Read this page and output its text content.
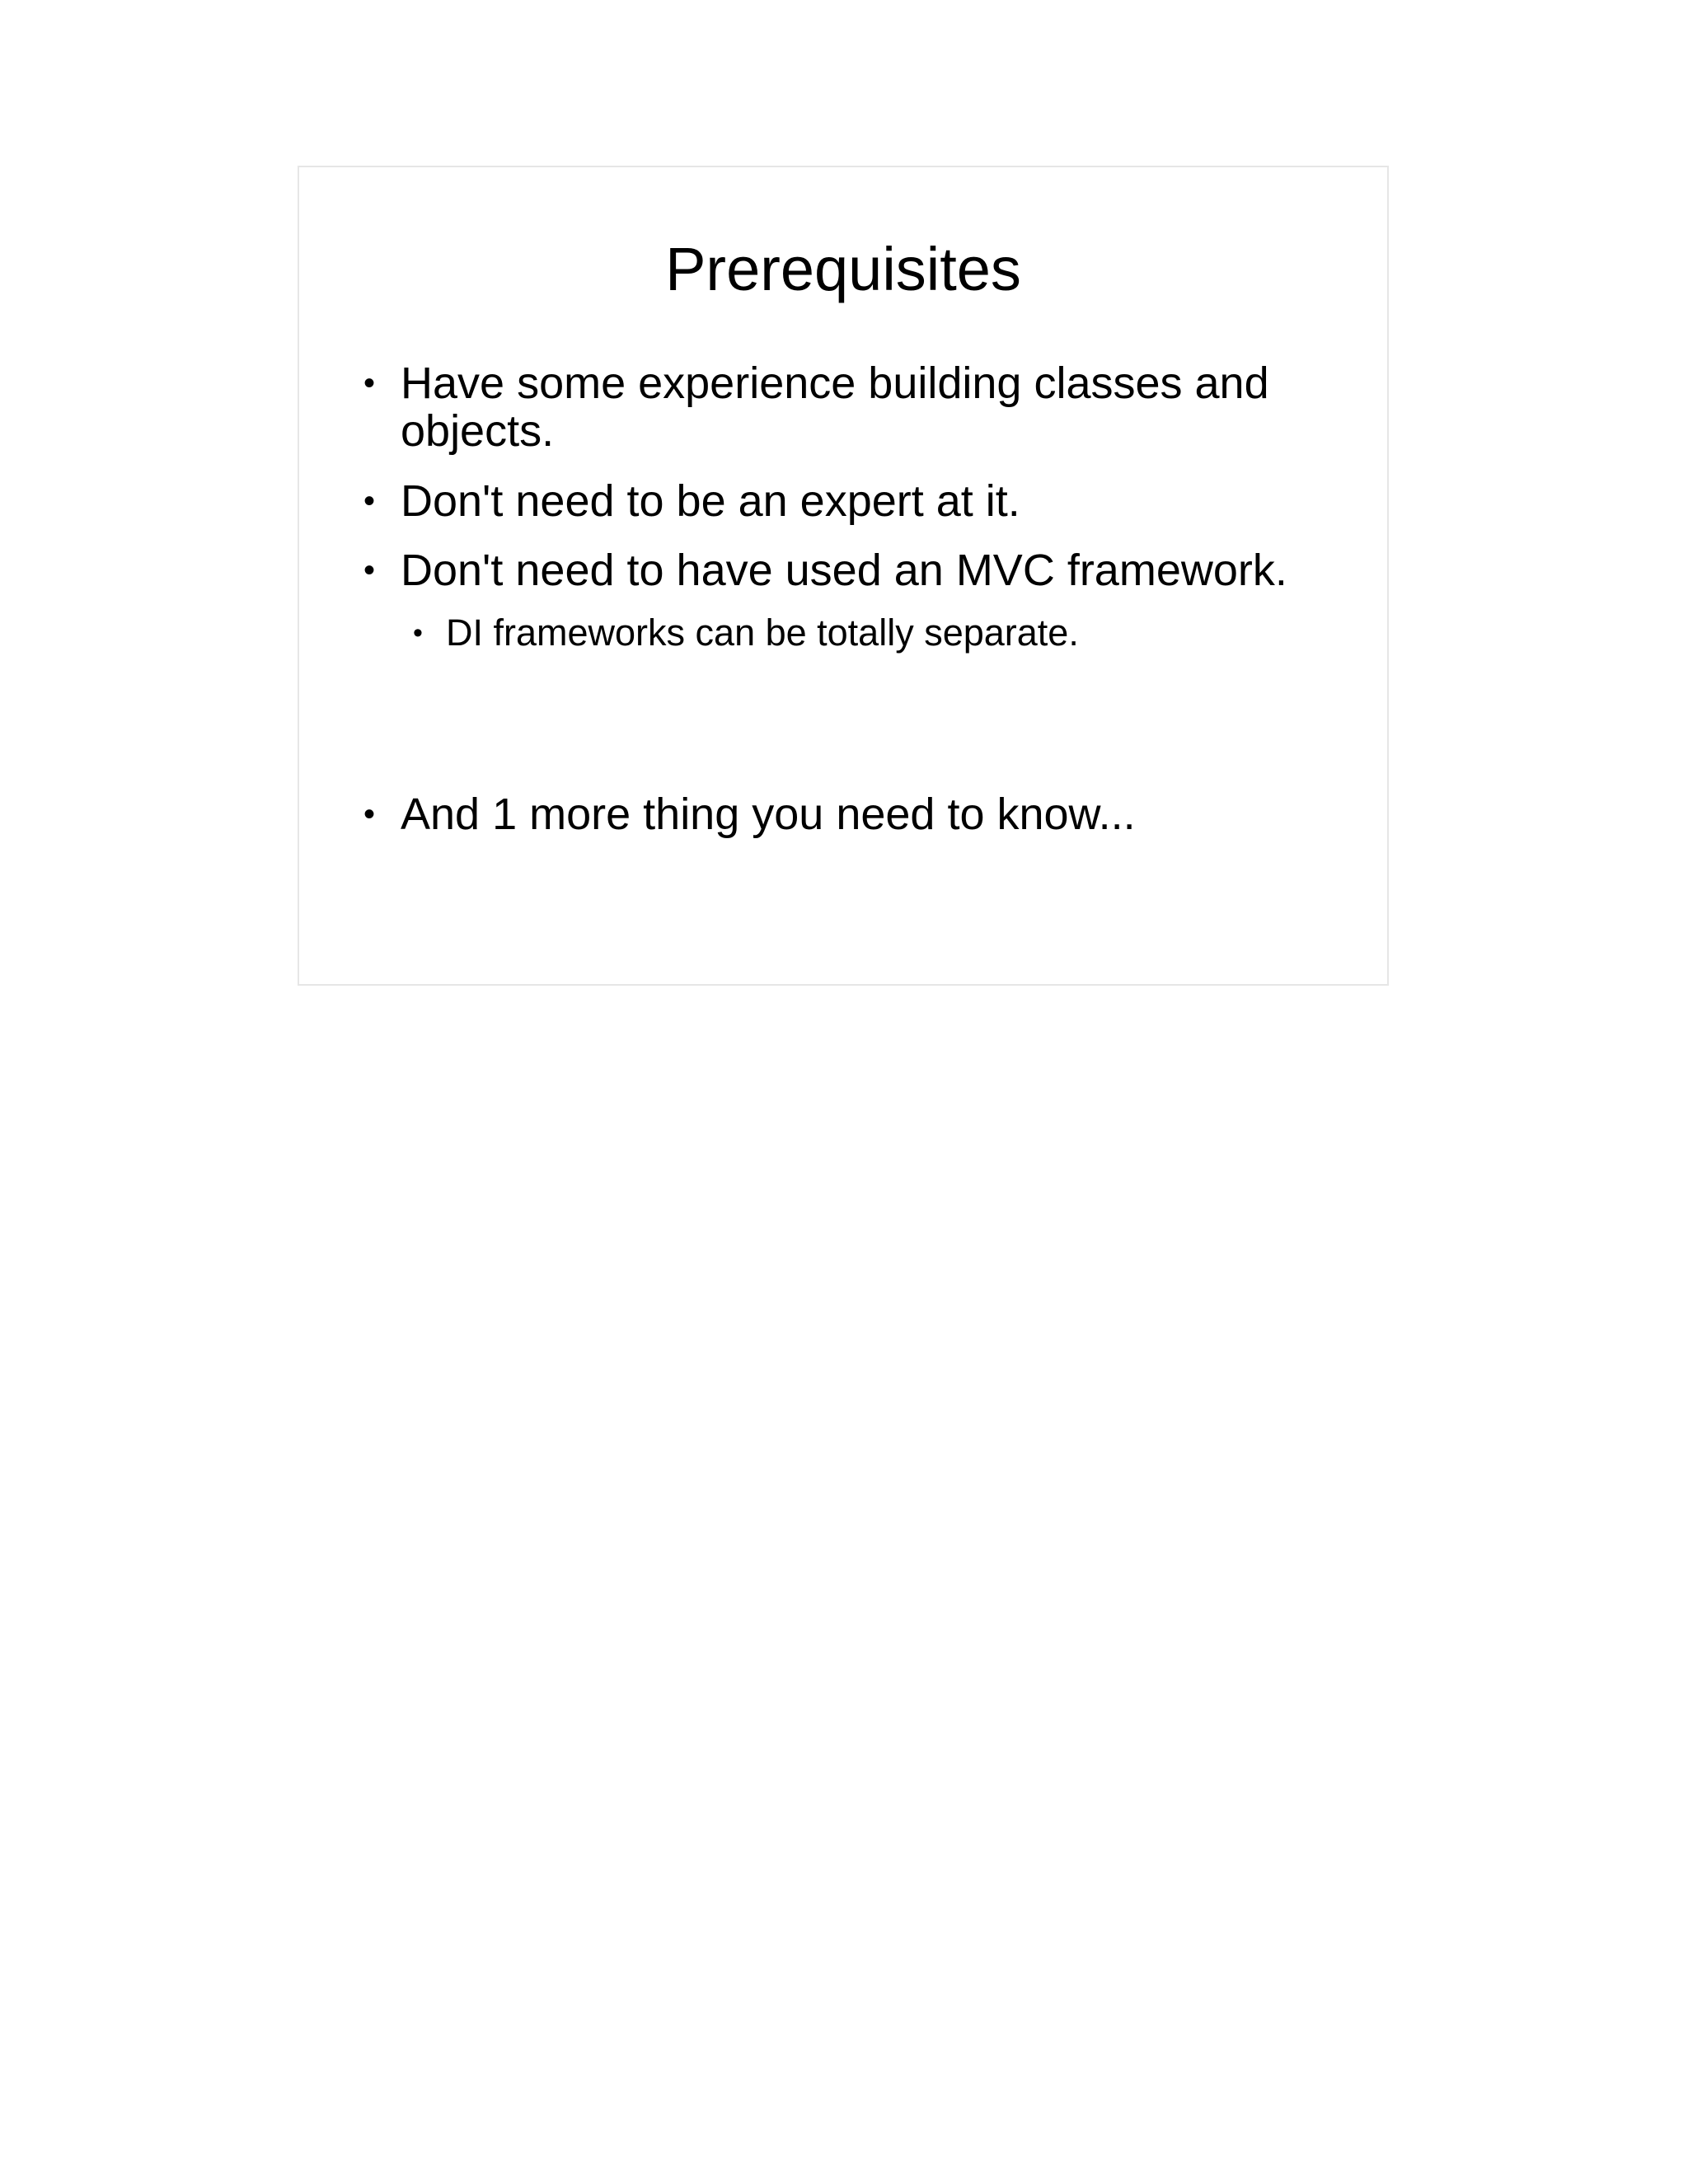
Prerequisites
• Have some experience building classes and objects.
• Don't need to be an expert at it.
• Don't need to have used an MVC framework.
• DI frameworks can be totally separate.
• And 1 more thing you need to know...
